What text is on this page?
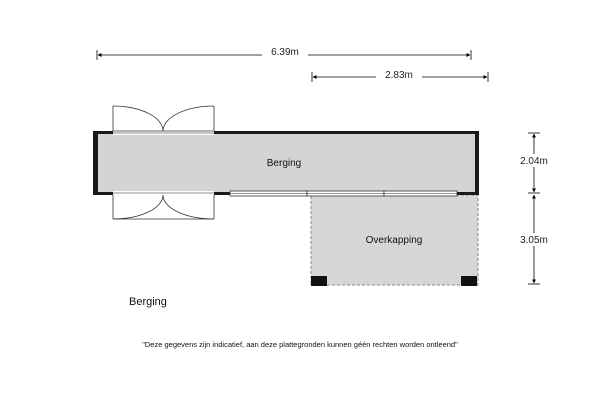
Berging
Overkapping
6.39m
2.83m
2.04m
3.05m
Berging
"Deze gegevens zijn indicatief, aan deze plattegronden kunnen géén rechten worden ontleend"
